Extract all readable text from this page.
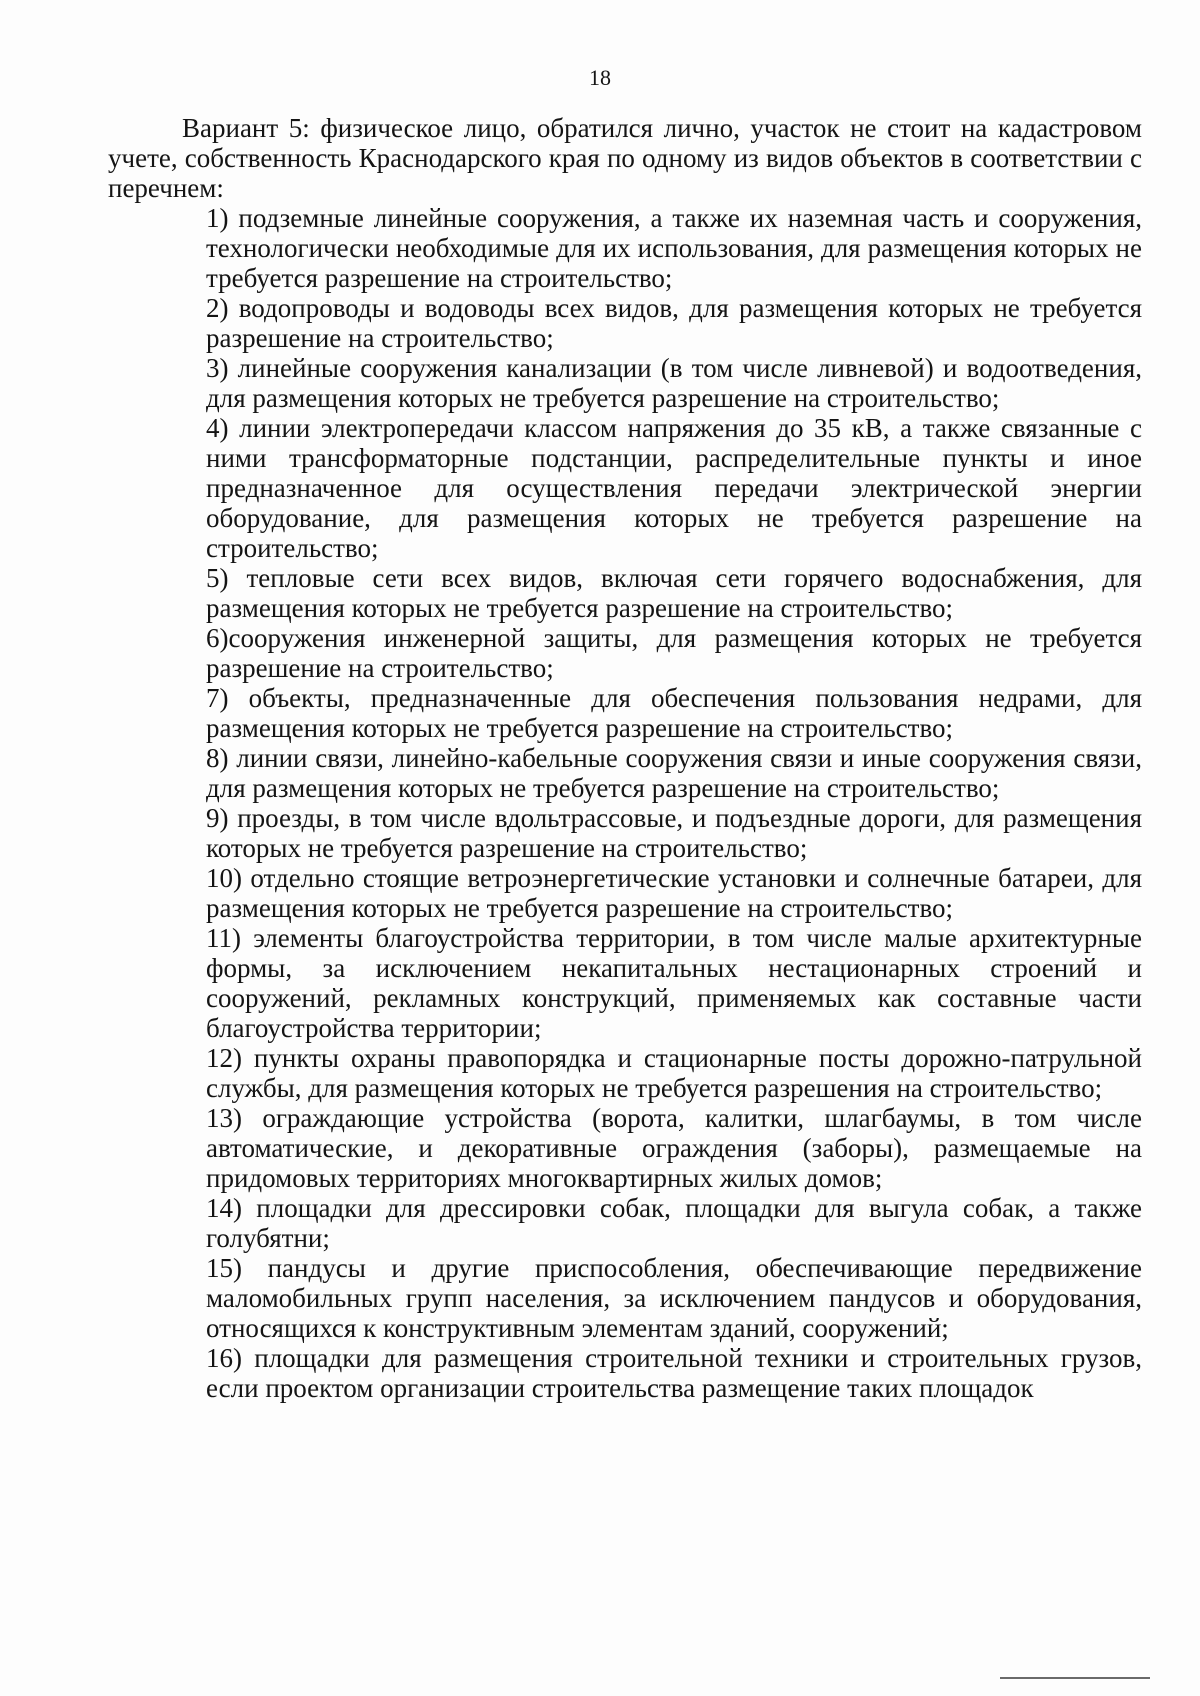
18

Вариант 5: физическое лицо, обратился лично, участок не стоит на кадастровом учете, собственность Краснодарского края по одному из видов объектов в соответствии с перечнем:

1) подземные линейные сооружения, а также их наземная часть и сооружения, технологически необходимые для их использования, для размещения которых не требуется разрешение на строительство;
2) водопроводы и водоводы всех видов, для размещения которых не требуется разрешение на строительство;
3) линейные сооружения канализации (в том числе ливневой) и водоотведения, для размещения которых не требуется разрешение на строительство;
4) линии электропередачи классом напряжения до 35 кВ, а также связанные с ними трансформаторные подстанции, распределительные пункты и иное предназначенное для осуществления передачи электрической энергии оборудование, для размещения которых не требуется разрешение на строительство;
5) тепловые сети всех видов, включая сети горячего водоснабжения, для размещения которых не требуется разрешение на строительство;
6)сооружения инженерной защиты, для размещения которых не требуется разрешение на строительство;
7) объекты, предназначенные для обеспечения пользования недрами, для размещения которых не требуется разрешение на строительство;
8) линии связи, линейно-кабельные сооружения связи и иные сооружения связи, для размещения которых не требуется разрешение на строительство;
9) проезды, в том числе вдольтрассовые, и подъездные дороги, для размещения которых не требуется разрешение на строительство;
10) отдельно стоящие ветроэнергетические установки и солнечные батареи, для размещения которых не требуется разрешение на строительство;
11) элементы благоустройства территории, в том числе малые архитектурные формы, за исключением некапитальных нестационарных строений и сооружений, рекламных конструкций, применяемых как составные части благоустройства территории;
12) пункты охраны правопорядка и стационарные посты дорожно-патрульной службы, для размещения которых не требуется разрешения на строительство;
13) ограждающие устройства (ворота, калитки, шлагбаумы, в том числе автоматические, и декоративные ограждения (заборы), размещаемые на придомовых территориях многоквартирных жилых домов;
14) площадки для дрессировки собак, площадки для выгула собак, а также голубятни;
15) пандусы и другие приспособления, обеспечивающие передвижение маломобильных групп населения, за исключением пандусов и оборудования, относящихся к конструктивным элементам зданий, сооружений;
16) площадки для размещения строительной техники и строительных грузов, если проектом организации строительства размещение таких площадок
